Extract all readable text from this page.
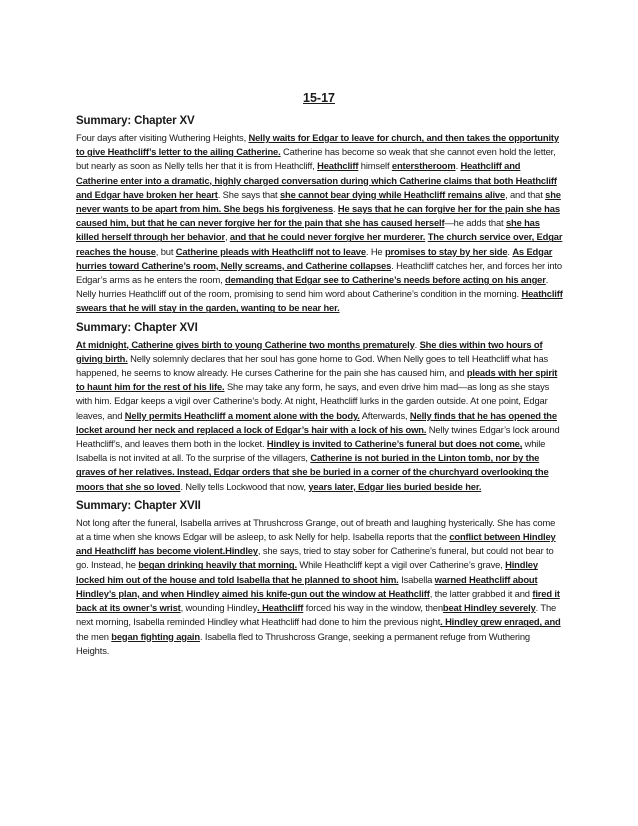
15-17
Summary: Chapter XV

Four days after visiting Wuthering Heights, Nelly waits for Edgar to leave for church, and then takes the opportunity to give Heathcliff’s letter to the ailing Catherine. Catherine has become so weak that she cannot even hold the letter, but nearly as soon as Nelly tells her that it is from Heathcliff, Heathcliff himself enterstheroom. Heathcliff and Catherine enter into a dramatic, highly charged conversation during which Catherine claims that both Heathcliff and Edgar have broken her heart. She says that she cannot bear dying while Heathcliff remains alive, and that she never wants to be apart from him. She begs his forgiveness. He says that he can forgive her for the pain she has caused him, but that he can never forgive her for the pain that she has caused herself—he adds that she has killed herself through her behavior, and that he could never forgive her murderer. The church service over, Edgar reaches the house, but Catherine pleads with Heathcliff not to leave. He promises to stay by her side. As Edgar hurries toward Catherine’s room, Nelly screams, and Catherine collapses. Heathcliff catches her, and forces her into Edgar’s arms as he enters the room, demanding that Edgar see to Catherine’s needs before acting on his anger. Nelly hurries Heathcliff out of the room, promising to send him word about Catherine’s condition in the morning. Heathcliff swears that he will stay in the garden, wanting to be near her.

Summary: Chapter XVI

At midnight, Catherine gives birth to young Catherine two months prematurely. She dies within two hours of giving birth. Nelly solemnly declares that her soul has gone home to God. When Nelly goes to tell Heathcliff what has happened, he seems to know already. He curses Catherine for the pain she has caused him, and pleads with her spirit to haunt him for the rest of his life. She may take any form, he says, and even drive him mad—as long as she stays with him. Edgar keeps a vigil over Catherine’s body. At night, Heathcliff lurks in the garden outside. At one point, Edgar leaves, and Nelly permits Heathcliff a moment alone with the body. Afterwards, Nelly finds that he has opened the locket around her neck and replaced a lock of Edgar’s hair with a lock of his own. Nelly twines Edgar’s lock around Heathcliff’s, and leaves them both in the locket. Hindley is invited to Catherine’s funeral but does not come, while Isabella is not invited at all. To the surprise of the villagers, Catherine is not buried in the Linton tomb, nor by the graves of her relatives. Instead, Edgar orders that she be buried in a corner of the churchyard overlooking the moors that she so loved. Nelly tells Lockwood that now, years later, Edgar lies buried beside her.

Summary: Chapter XVII

Not long after the funeral, Isabella arrives at Thrushcross Grange, out of breath and laughing hysterically. She has come at a time when she knows Edgar will be asleep, to ask Nelly for help. Isabella reports that the conflict between Hindley and Heathcliff has become violent.Hindley, she says, tried to stay sober for Catherine’s funeral, but could not bear to go. Instead, he began drinking heavily that morning. While Heathcliff kept a vigil over Catherine’s grave, Hindley locked him out of the house and told Isabella that he planned to shoot him. Isabella warned Heathcliff about Hindley’s plan, and when Hindley aimed his knife-gun out the window at Heathcliff, the latter grabbed it and fired it back at its owner’s wrist, wounding Hindley. Heathcliff forced his way in the window, thenbeat Hindley severely. The next morning, Isabella reminded Hindley what Heathcliff had done to him the previous night. Hindley grew enraged, and the men began fighting again. Isabella fled to Thrushcross Grange, seeking a permanent refuge from Wuthering Heights.
